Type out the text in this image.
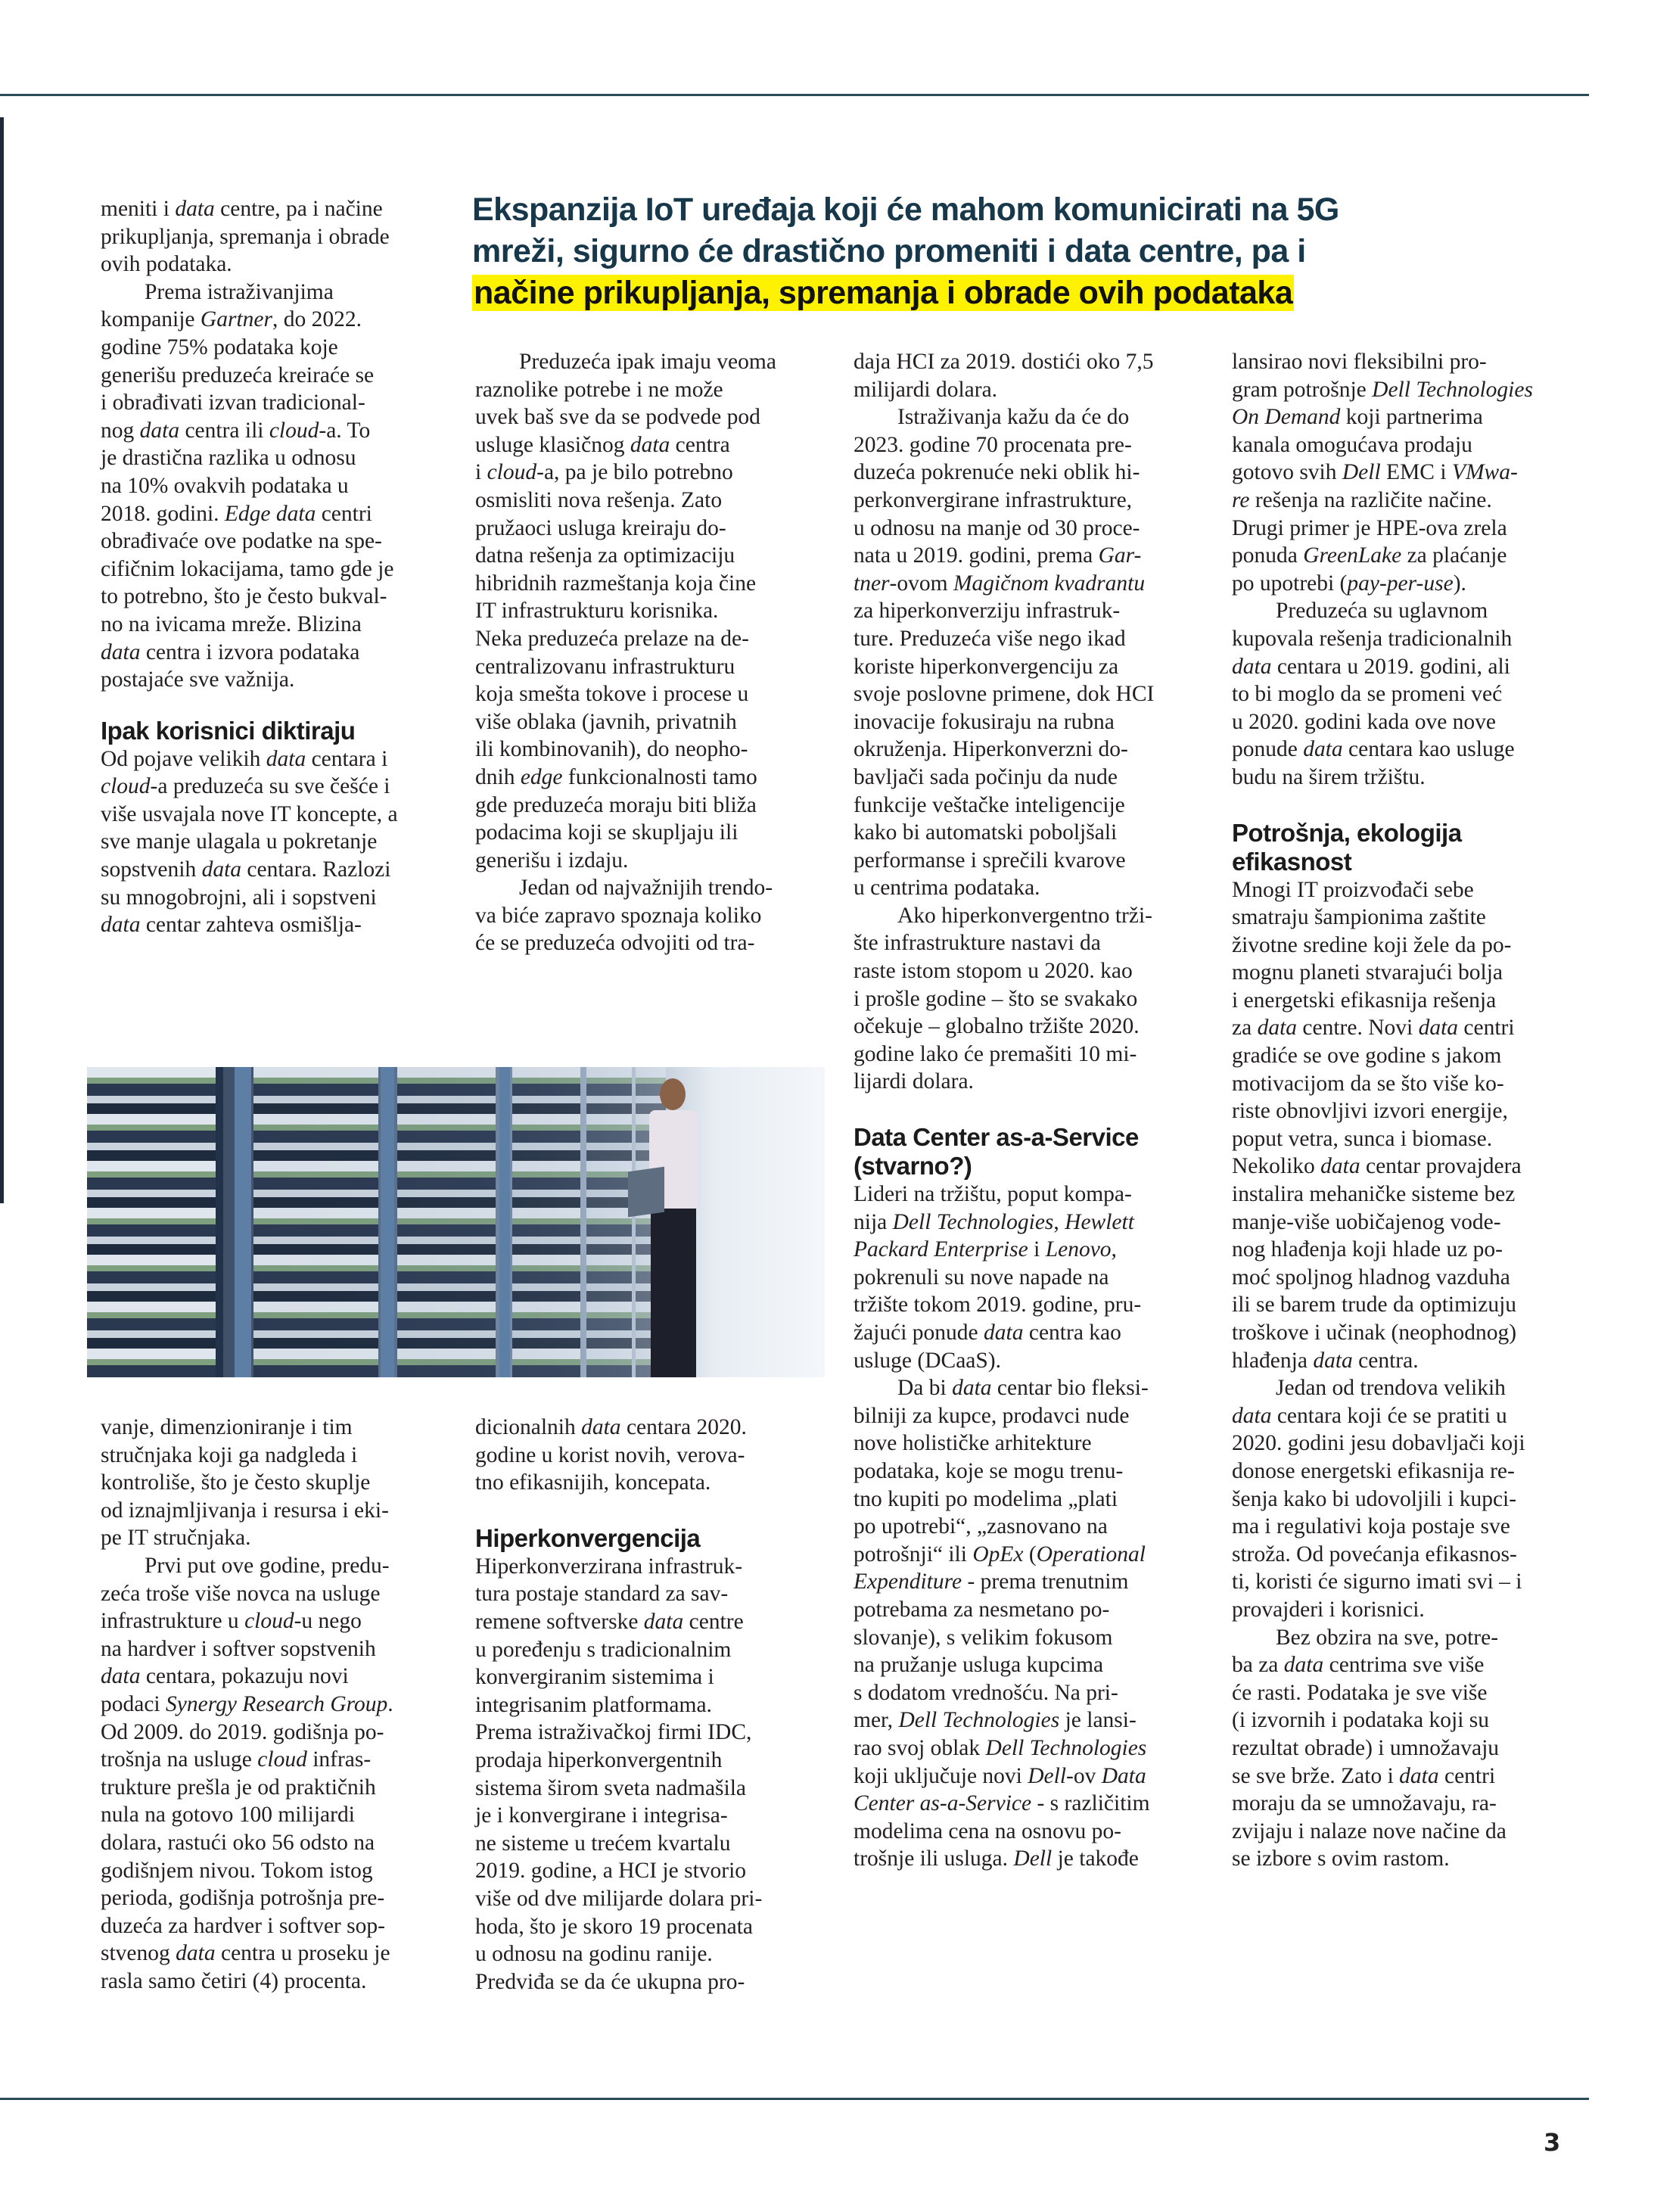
Ekspanzija IoT uređaja koji će mahom komunicirati na 5G
mreži, sigurno će drastično promeniti i data centre, pa i
načine prikupljanja, spremanja i obrade ovih podataka
meniti i data centre, pa i načine
prikupljanja, spremanja i obrade
ovih podataka.
Prema istraživanjima
kompanije Gartner, do 2022.
godine 75% podataka koje
generišu preduzeća kreiraće se
i obrađivati izvan tradicional-
nog data centra ili cloud-a. To
je drastična razlika u odnosu
na 10% ovakvih podataka u
2018. godini. Edge data centri
obrađivaće ove podatke na spe-
cifičnim lokacijama, tamo gde je
to potrebno, što je često bukval-
no na ivicama mreže. Blizina
data centra i izvora podataka
postajaće sve važnija.
Ipak korisnici diktiraju
Od pojave velikih data centara i
cloud-a preduzeća su sve češće i
više usvajala nove IT koncepte, a
sve manje ulagala u pokretanje
sopstvenih data centara. Razlozi
su mnogobrojni, ali i sopstveni
data centar zahteva osmišlja-
Preduzeća ipak imaju veoma
raznolike potrebe i ne može
uvek baš sve da se podvede pod
usluge klasičnog data centra
i cloud-a, pa je bilo potrebno
osmisliti nova rešenja. Zato
pružaoci usluga kreiraju do-
datna rešenja za optimizaciju
hibridnih razmeštanja koja čine
IT infrastrukturu korisnika.
Neka preduzeća prelaze na de-
centralizovanu infrastrukturu
koja smešta tokove i procese u
više oblaka (javnih, privatnih
ili kombinovanih), do neopho-
dnih edge funkcionalnosti tamo
gde preduzeća moraju biti bliža
podacima koji se skupljaju ili
generišu i izdaju.
Jedan od najvažnijih trendo-
va biće zapravo spoznaja koliko
će se preduzeća odvojiti od tra-
daja HCI za 2019. dostići oko 7,5
milijardi dolara.
Istraživanja kažu da će do
2023. godine 70 procenata pre-
duzeća pokrenuće neki oblik hi-
perkonvergirane infrastrukture,
u odnosu na manje od 30 proce-
nata u 2019. godini, prema Gar-
tner-ovom Magičnom kvadrantu
za hiperkonverziju infrastruk-
ture. Preduzeća više nego ikad
koriste hiperkonvergenciju za
svoje poslovne primene, dok HCI
inovacije fokusiraju na rubna
okruženja. Hiperkonverzni do-
bavljači sada počinju da nude
funkcije veštačke inteligencije
kako bi automatski poboljšali
performanse i sprečili kvarove
u centrima podataka.
Ako hiperkonvergentno trži-
šte infrastrukture nastavi da
raste istom stopom u 2020. kao
i prošle godine – što se svakako
očekuje – globalno tržište 2020.
godine lako će premašiti 10 mi-
lijardi dolara.
Data Center as-a-Service
(stvarno?)
Lideri na tržištu, poput kompa-
nija Dell Technologies, Hewlett
Packard Enterprise i Lenovo,
pokrenuli su nove napade na
tržište tokom 2019. godine, pru-
žajući ponude data centra kao
usluge (DCaaS).
Da bi data centar bio fleksi-
bilniji za kupce, prodavci nude
nove holističke arhitekture
podataka, koje se mogu trenu-
tno kupiti po modelima „plati
po upotrebi“, „zasnovano na
potrošnji“ ili OpEx (Operational
Expenditure - prema trenutnim
potrebama za nesmetano po-
slovanje), s velikim fokusom
na pružanje usluga kupcima
s dodatom vrednošću. Na pri-
mer, Dell Technologies je lansi-
rao svoj oblak Dell Technologies
koji uključuje novi Dell-ov Data
Center as-a-Service - s različitim
modelima cena na osnovu po-
trošnje ili usluga. Dell je takođe
lansirao novi fleksibilni pro-
gram potrošnje Dell Technologies
On Demand koji partnerima
kanala omogućava prodaju
gotovo svih Dell EMC i VMwa-
re rešenja na različite načine.
Drugi primer je HPE-ova zrela
ponuda GreenLake za plaćanje
po upotrebi (pay-per-use).
Preduzeća su uglavnom
kupovala rešenja tradicionalnih
data centara u 2019. godini, ali
to bi moglo da se promeni već
u 2020. godini kada ove nove
ponude data centara kao usluge
budu na širem tržištu.
Potrošnja, ekologija
efikasnost
Mnogi IT proizvođači sebe
smatraju šampionima zaštite
životne sredine koji žele da po-
mognu planeti stvarajući bolja
i energetski efikasnija rešenja
za data centre. Novi data centri
gradiće se ove godine s jakom
motivacijom da se što više ko-
riste obnovljivi izvori energije,
poput vetra, sunca i biomase.
Nekoliko data centar provajdera
instalira mehaničke sisteme bez
manje-više uobičajenog vode-
nog hlađenja koji hlade uz po-
moć spoljnog hladnog vazduha
ili se barem trude da optimizuju
troškove i učinak (neophodnog)
hlađenja data centra.
Jedan od trendova velikih
data centara koji će se pratiti u
2020. godini jesu dobavljači koji
donose energetski efikasnija re-
šenja kako bi udovoljili i kupci-
ma i regulativi koja postaje sve
stroža. Od povećanja efikasnos-
ti, koristi će sigurno imati svi – i
provajderi i korisnici.
Bez obzira na sve, potre-
ba za data centrima sve više
će rasti. Podataka je sve više
(i izvornih i podataka koji su
rezultat obrade) i umnožavaju
se sve brže. Zato i data centri
moraju da se umnožavaju, ra-
zvijaju i nalaze nove načine da
se izbore s ovim rastom.
vanje, dimenzioniranje i tim
stručnjaka koji ga nadgleda i
kontroliše, što je često skuplje
od iznajmljivanja i resursa i eki-
pe IT stručnjaka.
Prvi put ove godine, predu-
zeća troše više novca na usluge
infrastrukture u cloud-u nego
na hardver i softver sopstvenih
data centara, pokazuju novi
podaci Synergy Research Group.
Od 2009. do 2019. godišnja po-
trošnja na usluge cloud infras-
trukture prešla je od praktičnih
nula na gotovo 100 milijardi
dolara, rastući oko 56 odsto na
godišnjem nivou. Tokom istog
perioda, godišnja potrošnja pre-
duzeća za hardver i softver sop-
stvenog data centra u proseku je
rasla samo četiri (4) procenta.
dicionalnih data centara 2020.
godine u korist novih, verova-
tno efikasnijih, koncepata.
Hiperkonvergencija
Hiperkonverzirana infrastruk-
tura postaje standard za sav-
remene softverske data centre
u poređenju s tradicionalnim
konvergiranim sistemima i
integrisanim platformama.
Prema istraživačkoj firmi IDC,
prodaja hiperkonvergentnih
sistema širom sveta nadmašila
je i konvergirane i integrisa-
ne sisteme u trećem kvartalu
2019. godine, a HCI je stvorio
više od dve milijarde dolara pri-
hoda, što je skoro 19 procenata
u odnosu na godinu ranije.
Predviđa se da će ukupna pro-
3
